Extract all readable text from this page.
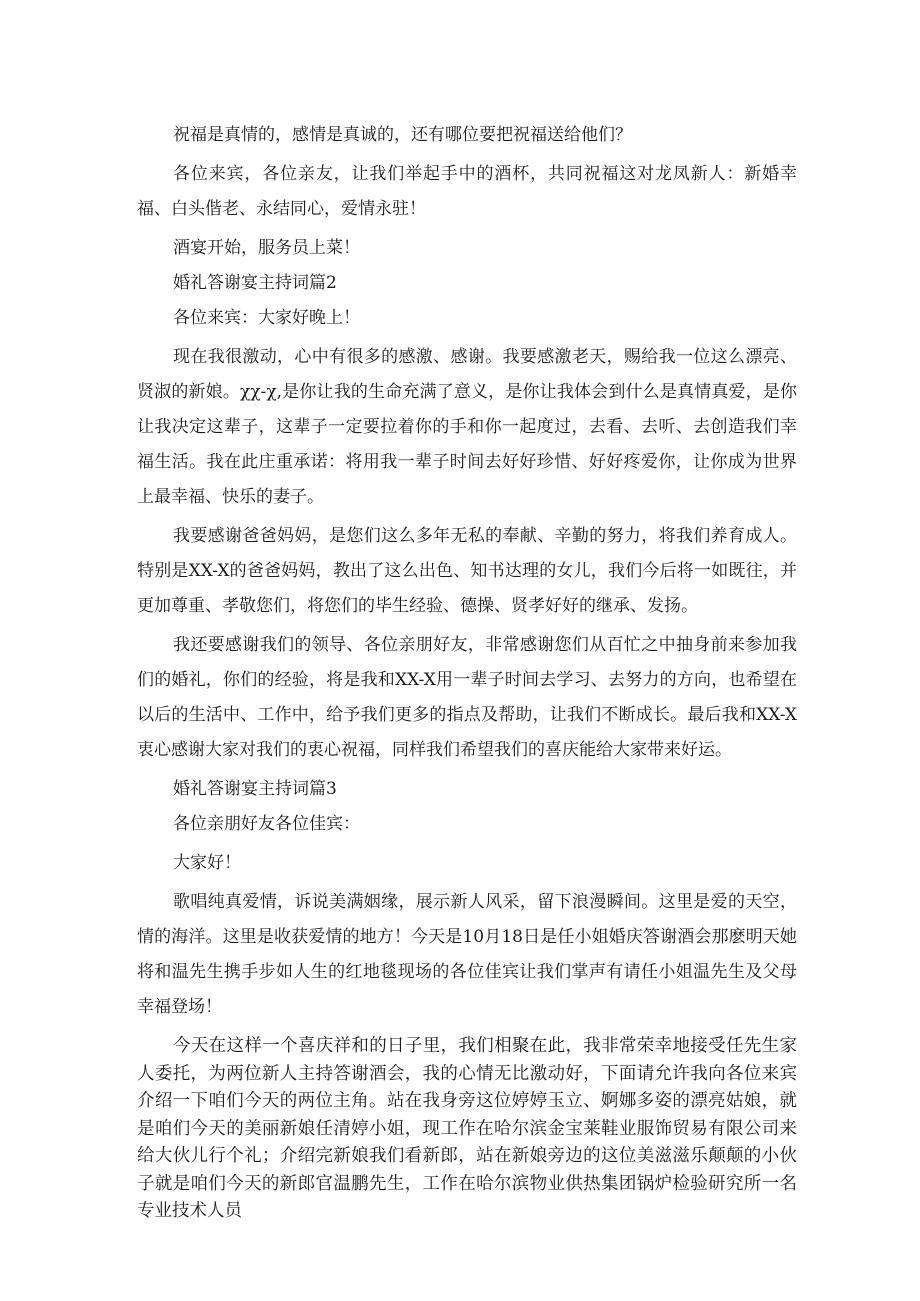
祝福是真情的，感情是真诚的，还有哪位要把祝福送给他们？

各位来宾，各位亲友，让我们举起手中的酒杯，共同祝福这对龙凤新人：新婚幸福、白头偕老、永结同心，爱情永驻！

酒宴开始，服务员上菜！

婚礼答谢宴主持词篇2

各位来宾：大家好晚上！

现在我很激动，心中有很多的感激、感谢。我要感激老天，赐给我一位这么漂亮、贤淑的新娘。χχ-χ,是你让我的生命充满了意义，是你让我体会到什么是真情真爱，是你让我决定这辈子，这辈子一定要拉着你的手和你一起度过，去看、去听、去创造我们幸福生活。我在此庄重承诺：将用我一辈子时间去好好珍惜、好好疼爱你，让你成为世界上最幸福、快乐的妻子。

我要感谢爸爸妈妈，是您们这么多年无私的奉献、辛勤的努力，将我们养育成人。特别是XX-X的爸爸妈妈，教出了这么出色、知书达理的女儿，我们今后将一如既往，并更加尊重、孝敬您们，将您们的毕生经验、德操、贤孝好好的继承、发扬。

我还要感谢我们的领导、各位亲朋好友，非常感谢您们从百忙之中抽身前来参加我们的婚礼，你们的经验，将是我和XX-X用一辈子时间去学习、去努力的方向，也希望在以后的生活中、工作中，给予我们更多的指点及帮助，让我们不断成长。最后我和XX-X衷心感谢大家对我们的衷心祝福，同样我们希望我们的喜庆能给大家带来好运。

婚礼答谢宴主持词篇3

各位亲朋好友各位佳宾：

大家好！

歌唱纯真爱情，诉说美满姻缘，展示新人风采，留下浪漫瞬间。这里是爱的天空，情的海洋。这里是收获爱情的地方！今天是10月18日是任小姐婚庆答谢酒会那麽明天她将和温先生携手步如人生的红地毯现场的各位佳宾让我们掌声有请任小姐温先生及父母幸福登场！

今天在这样一个喜庆祥和的日子里，我们相聚在此，我非常荣幸地接受任先生家人委托，为两位新人主持答谢酒会，我的心情无比激动好，下面请允许我向各位来宾介绍一下咱们今天的两位主角。站在我身旁这位婷婷玉立、婀娜多姿的漂亮姑娘，就是咱们今天的美丽新娘任清婷小姐，现工作在哈尔滨金宝莱鞋业服饰贸易有限公司来给大伙儿行个礼；介绍完新娘我们看新郎，站在新娘旁边的这位美滋滋乐颠颠的小伙子就是咱们今天的新郎官温鹏先生，工作在哈尔滨物业供热集团锅炉检验研究所一名专业技术人员
